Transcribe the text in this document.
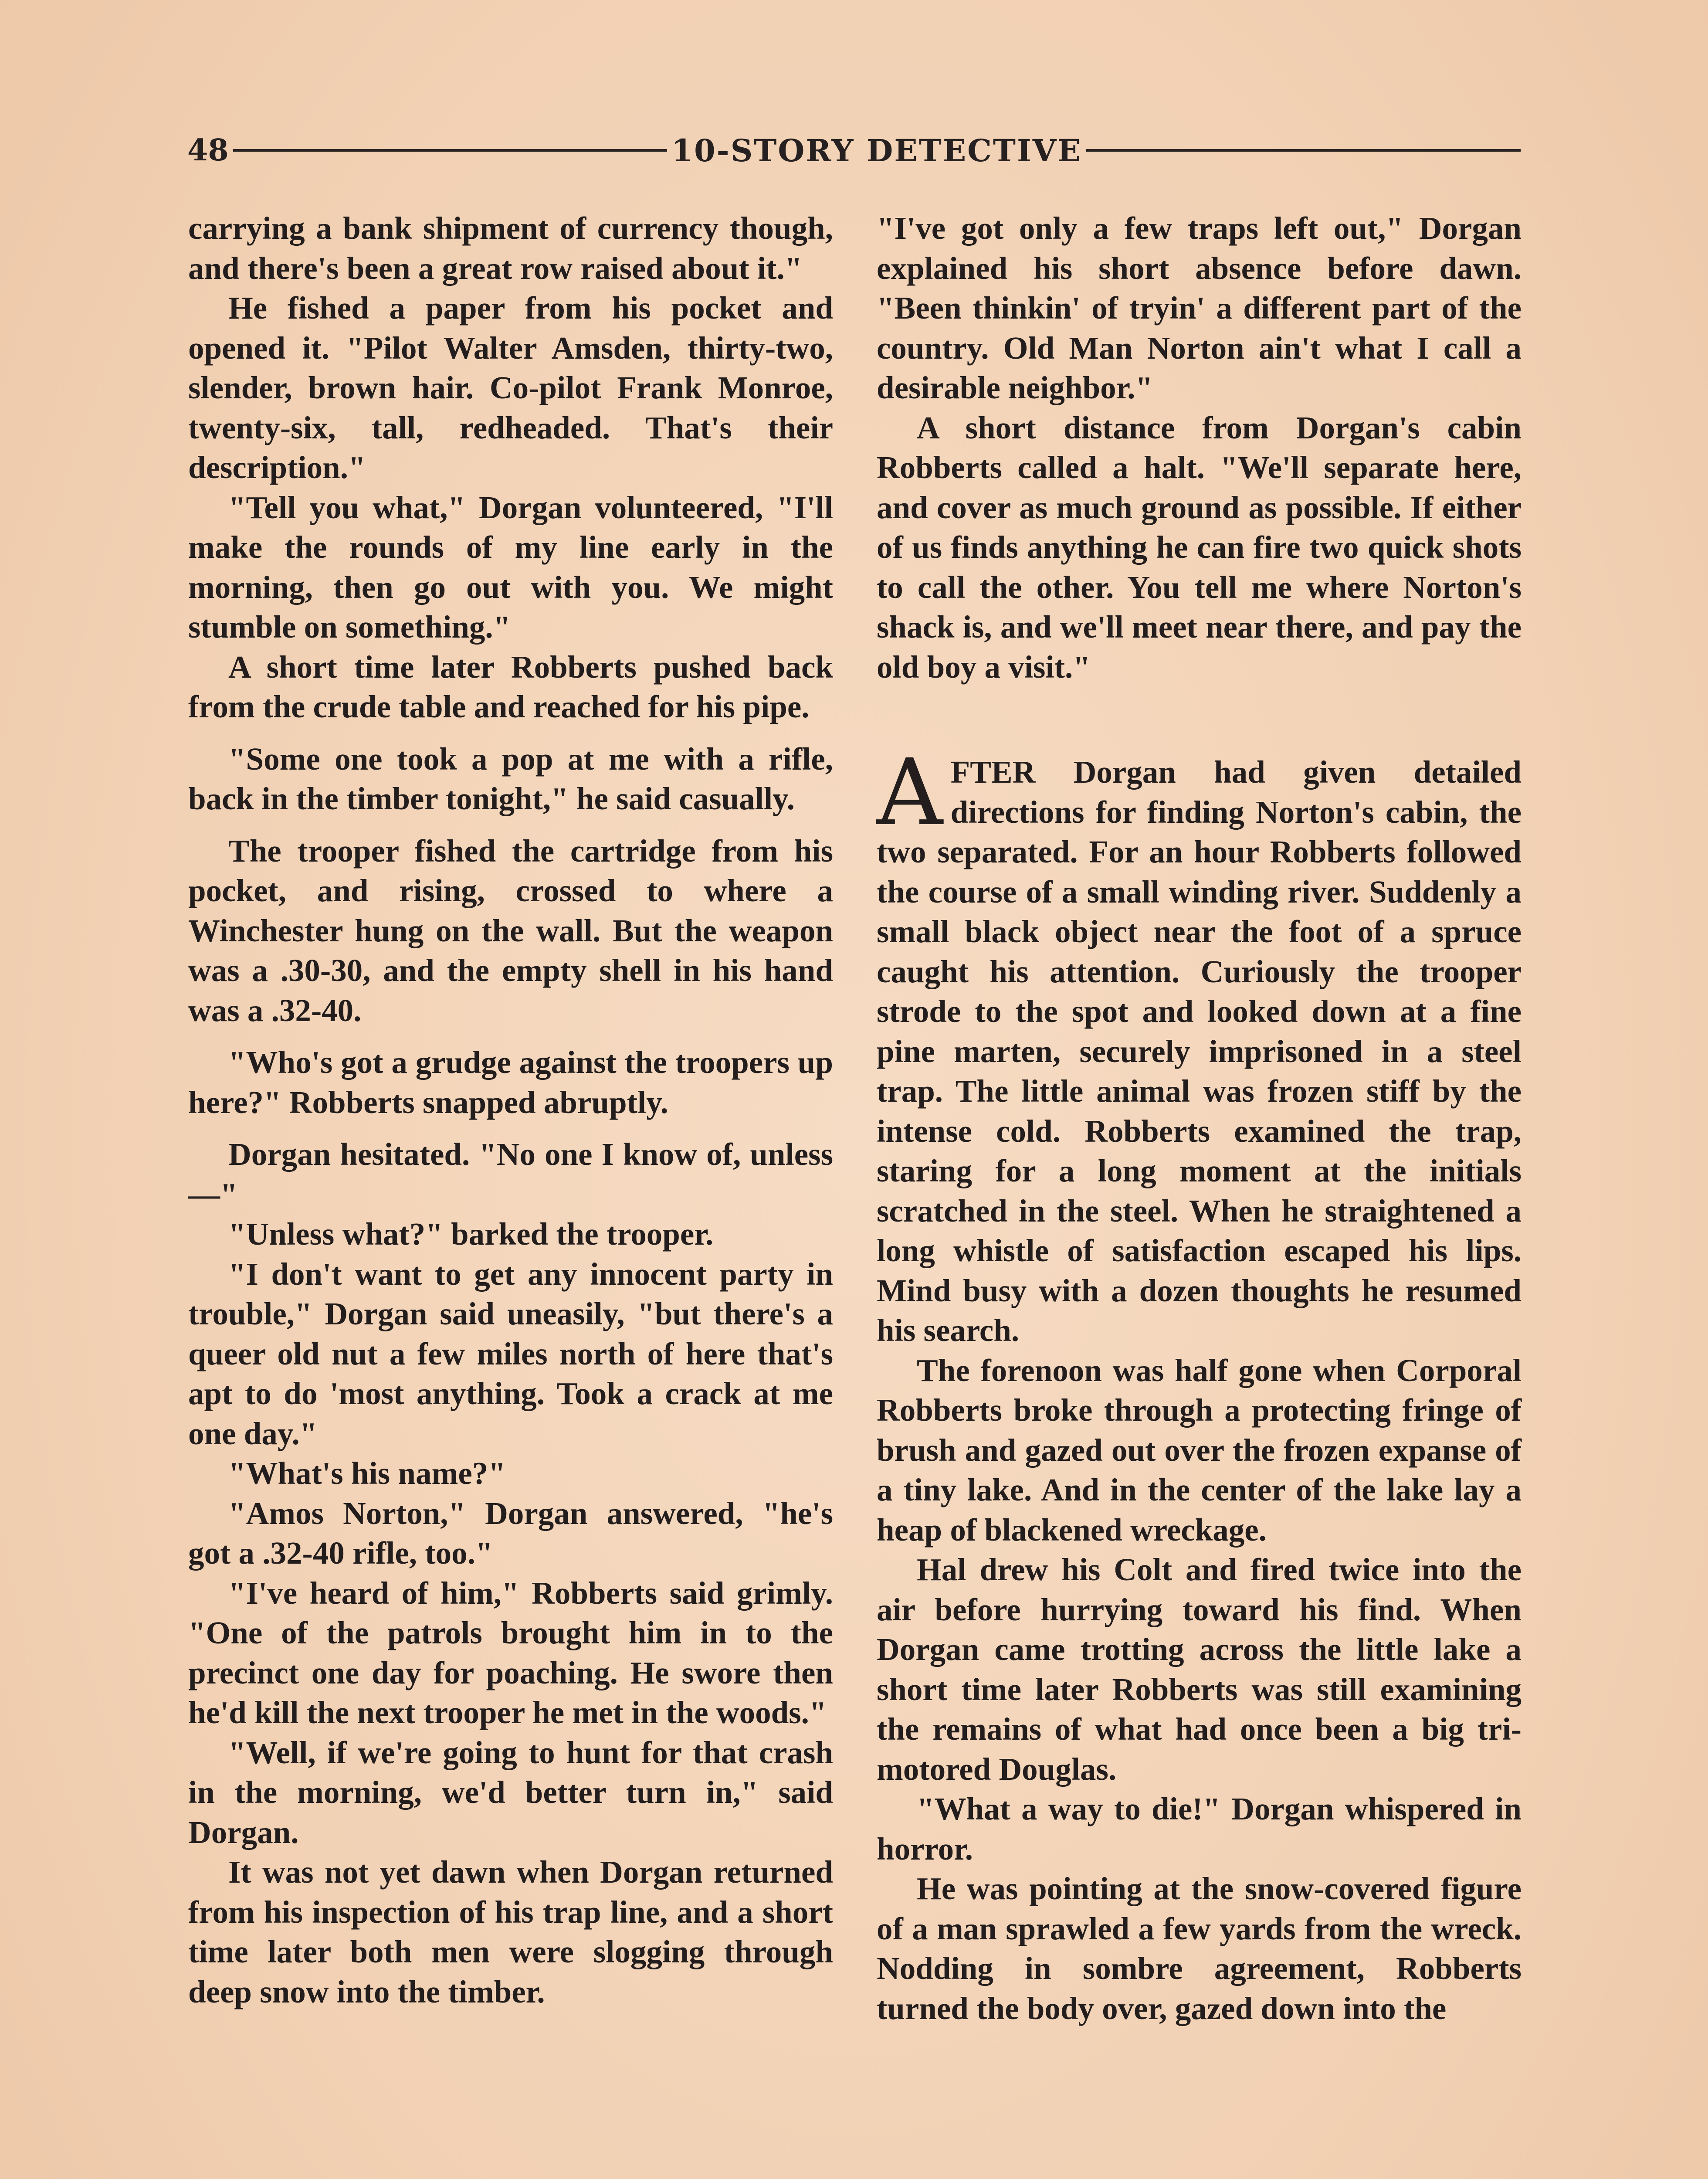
48	10-STORY DETECTIVE

carrying a bank shipment of currency though, and there's been a great row raised about it."

He fished a paper from his pocket and opened it. "Pilot Walter Amsden, thirty-two, slender, brown hair. Co-pilot Frank Monroe, twenty-six, tall, redheaded. That's their description."

"Tell you what," Dorgan volunteered, "I'll make the rounds of my line early in the morning, then go out with you. We might stumble on something."

A short time later Robberts pushed back from the crude table and reached for his pipe.

"Some one took a pop at me with a rifle, back in the timber tonight," he said casually.

The trooper fished the cartridge from his pocket, and rising, crossed to where a Winchester hung on the wall. But the weapon was a .30-30, and the empty shell in his hand was a .32-40.

"Who's got a grudge against the troopers up here?" Robberts snapped abruptly.

Dorgan hesitated. "No one I know of, unless—"

"Unless what?" barked the trooper.

"I don't want to get any innocent party in trouble," Dorgan said uneasily, "but there's a queer old nut a few miles north of here that's apt to do 'most anything. Took a crack at me one day."

"What's his name?"

"Amos Norton," Dorgan answered, "he's got a .32-40 rifle, too."

"I've heard of him," Robberts said grimly. "One of the patrols brought him in to the precinct one day for poaching. He swore then he'd kill the next trooper he met in the woods."

"Well, if we're going to hunt for that crash in the morning, we'd better turn in," said Dorgan.

It was not yet dawn when Dorgan returned from his inspection of his trap line, and a short time later both men were slogging through deep snow into the timber.

"I've got only a few traps left out," Dorgan explained his short absence before dawn. "Been thinkin' of tryin' a different part of the country. Old Man Norton ain't what I call a desirable neighbor."

A short distance from Dorgan's cabin Robberts called a halt. "We'll separate here, and cover as much ground as possible. If either of us finds anything he can fire two quick shots to call the other. You tell me where Norton's shack is, and we'll meet near there, and pay the old boy a visit."

AFTER Dorgan had given detailed directions for finding Norton's cabin, the two separated. For an hour Robberts followed the course of a small winding river. Suddenly a small black object near the foot of a spruce caught his attention. Curiously the trooper strode to the spot and looked down at a fine pine marten, securely imprisoned in a steel trap. The little animal was frozen stiff by the intense cold. Robberts examined the trap, staring for a long moment at the initials scratched in the steel. When he straightened a long whistle of satisfaction escaped his lips. Mind busy with a dozen thoughts he resumed his search.

The forenoon was half gone when Corporal Robberts broke through a protecting fringe of brush and gazed out over the frozen expanse of a tiny lake. And in the center of the lake lay a heap of blackened wreckage.

Hal drew his Colt and fired twice into the air before hurrying toward his find. When Dorgan came trotting across the little lake a short time later Robberts was still examining the remains of what had once been a big tri-motored Douglas.

"What a way to die!" Dorgan whispered in horror.

He was pointing at the snow-covered figure of a man sprawled a few yards from the wreck. Nodding in sombre agreement, Robberts turned the body over, gazed down into the
